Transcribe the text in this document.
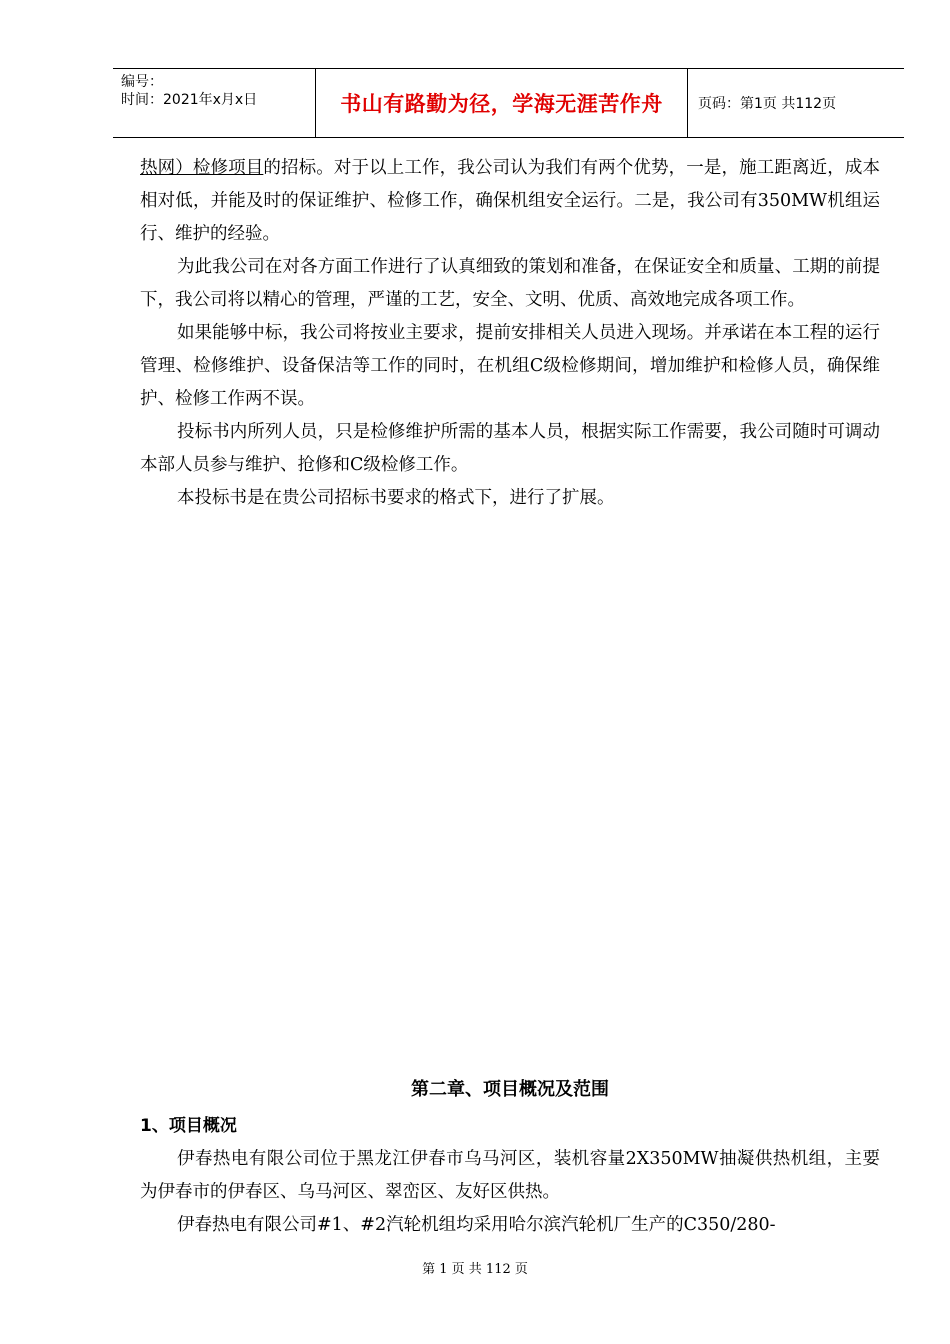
编号：
时间：2021年x月x日	书山有路勤为径，学海无涯苦作舟	页码：第1页 共112页

热网）检修项目的招标。对于以上工作，我公司认为我们有两个优势，一是，施工距离近，成本相对低，并能及时的保证维护、检修工作，确保机组安全运行。二是，我公司有350MW机组运行、维护的经验。

为此我公司在对各方面工作进行了认真细致的策划和准备，在保证安全和质量、工期的前提下，我公司将以精心的管理，严谨的工艺，安全、文明、优质、高效地完成各项工作。

如果能够中标，我公司将按业主要求，提前安排相关人员进入现场。并承诺在本工程的运行管理、检修维护、设备保洁等工作的同时，在机组C级检修期间，增加维护和检修人员，确保维护、检修工作两不误。

投标书内所列人员，只是检修维护所需的基本人员，根据实际工作需要，我公司随时可调动本部人员参与维护、抢修和C级检修工作。

本投标书是在贵公司招标书要求的格式下，进行了扩展。

第二章、项目概况及范围
1、项目概况

伊春热电有限公司位于黑龙江伊春市乌马河区，装机容量2X350MW抽凝供热机组，主要为伊春市的伊春区、乌马河区、翠峦区、友好区供热。

伊春热电有限公司#1、#2汽轮机组均采用哈尔滨汽轮机厂生产的C350/280-

第 1 页 共 112 页
